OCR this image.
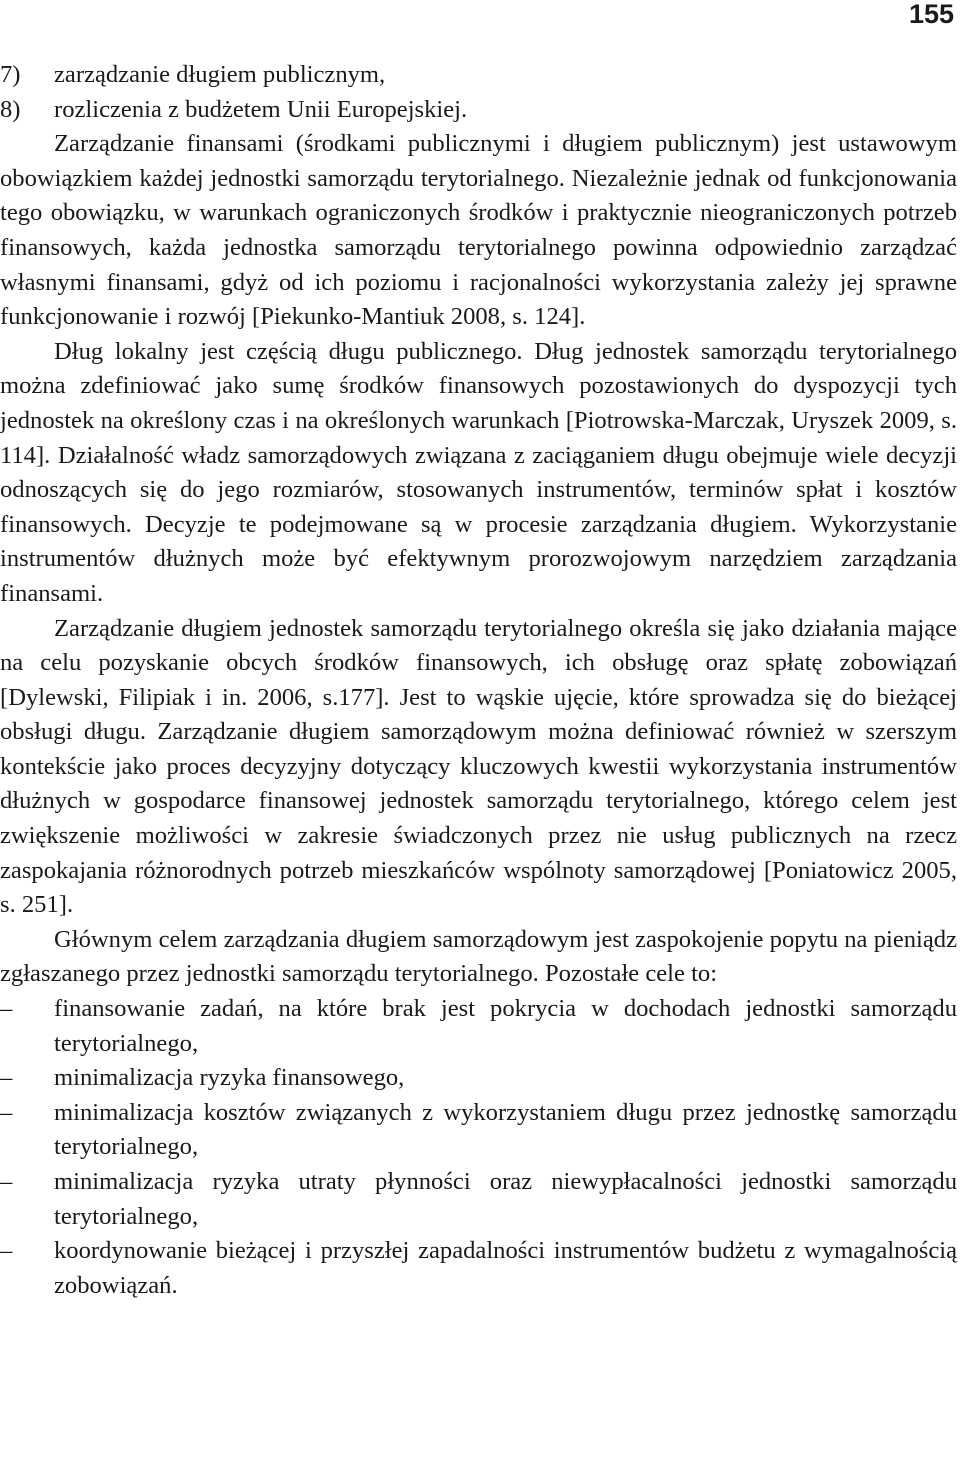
155
7)	zarządzanie długiem publicznym,
8)	rozliczenia z budżetem Unii Europejskiej.

Zarządzanie finansami (środkami publicznymi i długiem publicznym) jest ustawowym obowiązkiem każdej jednostki samorządu terytorialnego. Niezależnie jednak od funkcjonowania tego obowiązku, w warunkach ograniczonych środków i praktycznie nieograniczonych potrzeb finansowych, każda jednostka samorządu terytorialnego powinna odpowiednio zarządzać własnymi finansami, gdyż od ich poziomu i racjonalności wykorzystania zależy jej sprawne funkcjonowanie i rozwój [Piekunko-Mantiuk 2008, s. 124].

Dług lokalny jest częścią długu publicznego. Dług jednostek samorządu terytorialnego można zdefiniować jako sumę środków finansowych pozostawionych do dyspozycji tych jednostek na określony czas i na określonych warunkach [Piotrowska-Marczak, Uryszek 2009, s. 114]. Działalność władz samorządowych związana z zaciąganiem długu obejmuje wiele decyzji odnoszących się do jego rozmiarów, stosowanych instrumentów, terminów spłat i kosztów finansowych. Decyzje te podejmowane są w procesie zarządzania długiem. Wykorzystanie instrumentów dłużnych może być efektywnym prorozwojowym narzędziem zarządzania finansami.

Zarządzanie długiem jednostek samorządu terytorialnego określa się jako działania mające na celu pozyskanie obcych środków finansowych, ich obsługę oraz spłatę zobowiązań [Dylewski, Filipiak i in. 2006, s.177]. Jest to wąskie ujęcie, które sprowadza się do bieżącej obsługi długu. Zarządzanie długiem samorządowym można definiować również w szerszym kontekście jako proces decyzyjny dotyczący kluczowych kwestii wykorzystania instrumentów dłużnych w gospodarce finansowej jednostek samorządu terytorialnego, którego celem jest zwiększenie możliwości w zakresie świadczonych przez nie usług publicznych na rzecz zaspokajania różnorodnych potrzeb mieszkańców wspólnoty samorządowej [Poniatowicz 2005, s. 251].

Głównym celem zarządzania długiem samorządowym jest zaspokojenie popytu na pieniądz zgłaszanego przez jednostki samorządu terytorialnego. Pozostałe cele to:

–	finansowanie zadań, na które brak jest pokrycia w dochodach jednostki samorządu terytorialnego,
–	minimalizacja ryzyka finansowego,
–	minimalizacja kosztów związanych z wykorzystaniem długu przez jednostkę samorządu terytorialnego,
–	minimalizacja ryzyka utraty płynności oraz niewypłacalności jednostki samorządu terytorialnego,
–	koordynowanie bieżącej i przyszłej zapadalności instrumentów budżetu z wymagalnością zobowiązań.
